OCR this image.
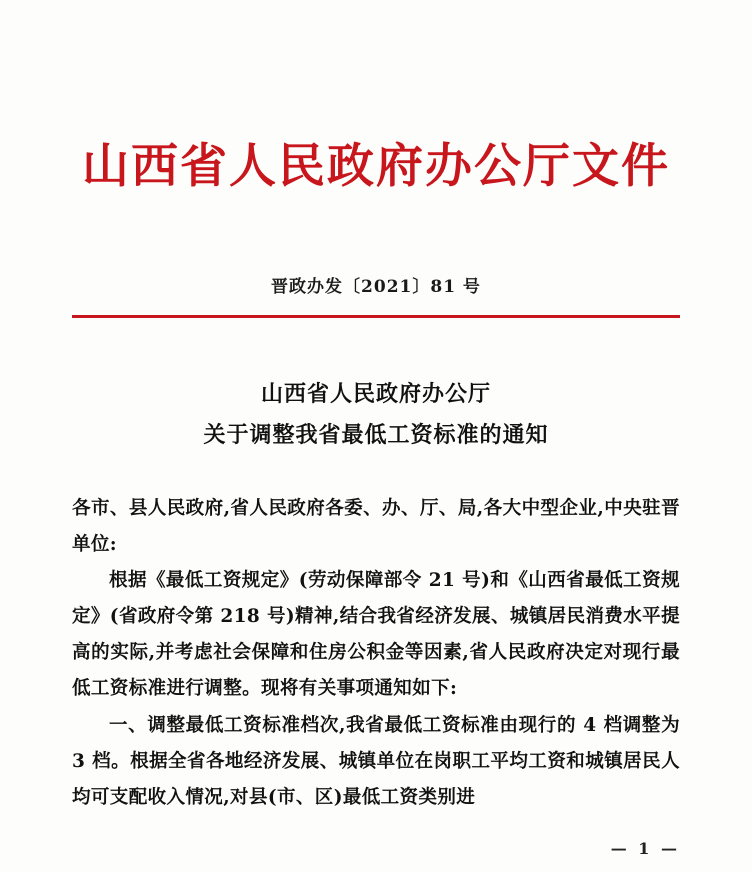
山西省人民政府办公厅文件
晋政办发〔2021〕81 号
山西省人民政府办公厅
关于调整我省最低工资标准的通知
各市、县人民政府,省人民政府各委、办、厅、局,各大中型企业,中央驻晋单位:
根据《最低工资规定》(劳动保障部令 21 号)和《山西省最低工资规定》(省政府令第 218 号)精神,结合我省经济发展、城镇居民消费水平提高的实际,并考虑社会保障和住房公积金等因素,省人民政府决定对现行最低工资标准进行调整。现将有关事项通知如下:
一、调整最低工资标准档次,我省最低工资标准由现行的 4 档调整为 3 档。根据全省各地经济发展、城镇单位在岗职工平均工资和城镇居民人均可支配收入情况,对县(市、区)最低工资类别进
— 1 —
